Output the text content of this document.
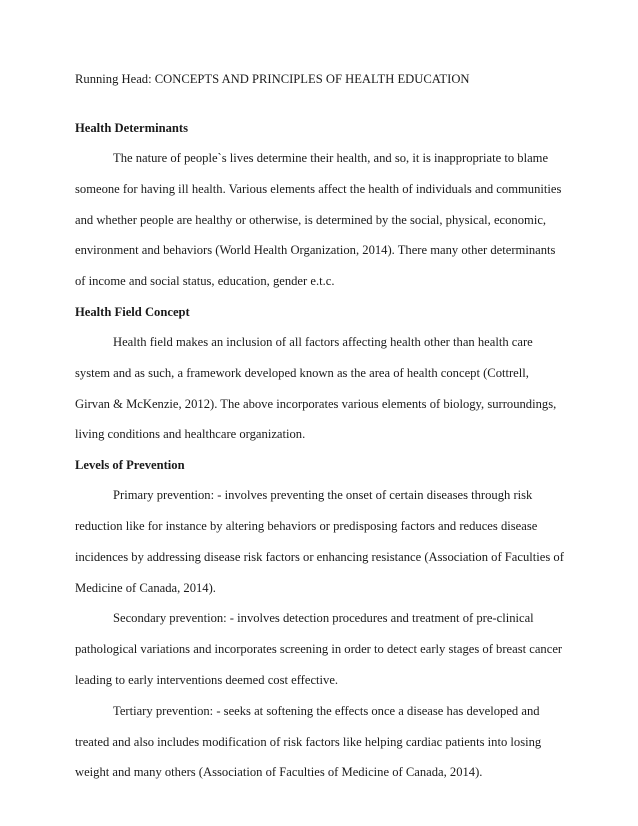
Running Head: CONCEPTS AND PRINCIPLES OF HEALTH EDUCATION
Health Determinants
The nature of people`s lives determine their health, and so, it is inappropriate to blame
someone for having ill health. Various elements affect the health of individuals and communities
and whether people are healthy or otherwise, is determined by the social, physical, economic,
environment and behaviors (World Health Organization, 2014). There many other determinants
of income and social status, education, gender e.t.c.
Health Field Concept
Health field makes an inclusion of all factors affecting health other than health care
system and as such, a framework developed known as the area of health concept (Cottrell,
Girvan & McKenzie, 2012). The above incorporates various elements of biology, surroundings,
living conditions and healthcare organization.
Levels of Prevention
Primary prevention: - involves preventing the onset of certain diseases through risk
reduction like for instance by altering behaviors or predisposing factors and reduces disease
incidences by addressing disease risk factors or enhancing resistance (Association of Faculties of
Medicine of Canada, 2014).
Secondary prevention: - involves detection procedures and treatment of pre-clinical
pathological variations and incorporates screening in order to detect early stages of breast cancer
leading to early interventions deemed cost effective.
Tertiary prevention: - seeks at softening the effects once a disease has developed and
treated and also includes modification of risk factors like helping cardiac patients into losing
weight and many others (Association of Faculties of Medicine of Canada, 2014).
